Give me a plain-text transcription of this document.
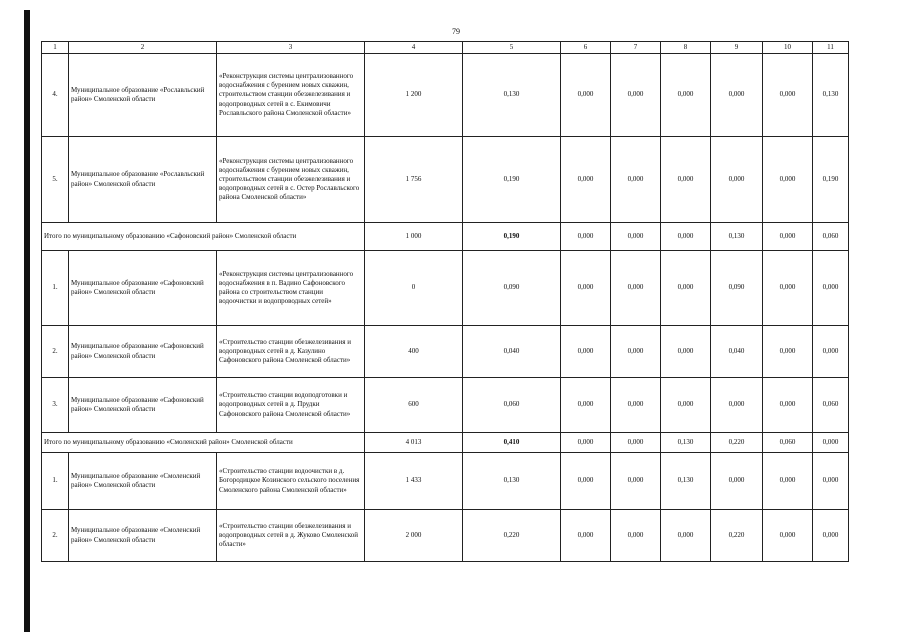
79
1	2	3	4	5	6	7	8	9	10	11
4.	Муниципальное образование «Рославльский район» Смоленской области	«Реконструкция системы централизованного водоснабжения с бурением новых скважин, строительством станции обезжелезивания и водопроводных сетей в с. Екимовичи Рославльского района Смоленской области»	1 200	0,130	0,000	0,000	0,000	0,000	0,000	0,130
5.	Муниципальное образование «Рославльский район» Смоленской области	«Реконструкция системы централизованного водоснабжения с бурением новых скважин, строительством станции обезжелезивания и водопроводных сетей в с. Остер Рославльского района Смоленской области»	1 756	0,190	0,000	0,000	0,000	0,000	0,000	0,190
Итого по муниципальному образованию «Сафоновский район» Смоленской области			1 000	0,190	0,000	0,000	0,000	0,130	0,000	0,060
1.	Муниципальное образование «Сафоновский район» Смоленской области	«Реконструкция системы централизованного водоснабжения в п. Вадино Сафоновского района со строительством станции водоочистки и водопроводных сетей»	0	0,090	0,000	0,000	0,000	0,090	0,000	0,000
2.	Муниципальное образование «Сафоновский район» Смоленской области	«Строительство станции обезжелезивания и водопроводных сетей в д. Казулино Сафоновского района Смоленской области»	400	0,040	0,000	0,000	0,000	0,040	0,000	0,000
3.	Муниципальное образование «Сафоновский район» Смоленской области	«Строительство станции водоподготовки и водопроводных сетей в д. Прудки Сафоновского района Смоленской области»	600	0,060	0,000	0,000	0,000	0,000	0,000	0,060
Итого по муниципальному образованию «Смоленский район» Смоленской области			4 013	0,410	0,000	0,000	0,130	0,220	0,060	0,000
1.	Муниципальное образование «Смоленский район» Смоленской области	«Строительство станции водоочистки в д. Богородицкое Козинского сельского поселения Смоленского района Смоленской области»	1 433	0,130	0,000	0,000	0,130	0,000	0,000	0,000
2.	Муниципальное образование «Смоленский район» Смоленской области	«Строительство станции обезжелезивания и водопроводных сетей в д. Жуково Смоленской области»	2 000	0,220	0,000	0,000	0,000	0,220	0,000	0,000
